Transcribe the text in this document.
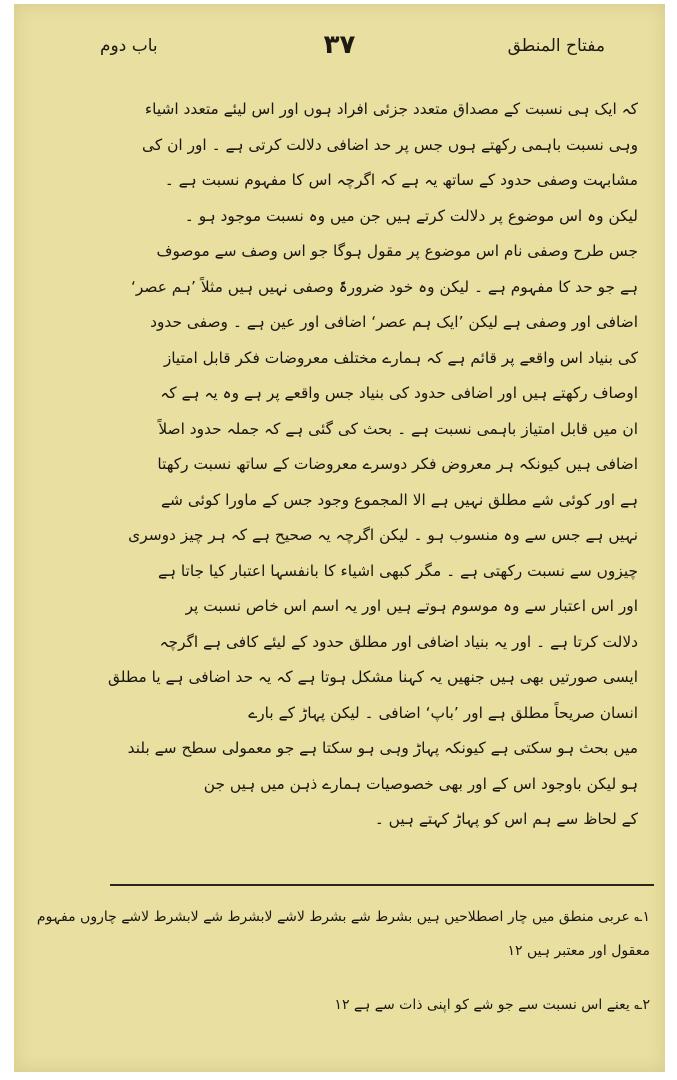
مفتاح المنطق
۳۷
باب دوم
کہ ایک ہی نسبت کے مصداق متعدد جزئی افراد ہوں اور اس لیئے متعدد اشیاء
وہی نسبت باہمی رکھتے ہوں جس پر حد اضافی دلالت کرتی ہے ۔ اور ان کی
مشابہت وصفی حدود کے ساتھ یہ ہے کہ اگرچہ اس کا مفہوم نسبت ہے ۔
لیکن وہ اس موضوع پر دلالت کرتے ہیں جن میں وہ نسبت موجود ہو ۔
جس طرح وصفی نام اس موضوع پر مقول ہوگا جو اس وصف سے موصوف
ہے جو حد کا مفہوم ہے ۔ لیکن وہ خود ضرورۃً وصفی نہیں ہیں مثلاً ’ہم عصر‘
اضافی اور وصفی ہے لیکن ’ایک ہم عصر‘ اضافی اور عین ہے ۔ وصفی حدود
کی بنیاد اس واقعے پر قائم ہے کہ ہمارے مختلف معروضات فکر قابل امتیاز
اوصاف رکھتے ہیں اور اضافی حدود کی بنیاد جس واقعے پر ہے وہ یہ ہے کہ
ان میں قابل امتیاز باہمی نسبت ہے ۔ بحث کی گئی ہے کہ جملہ حدود اصلاً
اضافی ہیں کیونکہ ہر معروض فکر دوسرے معروضات کے ساتھ نسبت رکھتا
ہے اور کوئی شے مطلق نہیں ہے الا المجموع وجود جس کے ماورا کوئی شے
نہیں ہے جس سے وہ منسوب ہو ۔ لیکن اگرچہ یہ صحیح ہے کہ ہر چیز دوسری
چیزوں سے نسبت رکھتی ہے ۔ مگر کبھی اشیاء کا بانفسہا اعتبار کیا جاتا ہے
اور اس اعتبار سے وہ موسوم ہوتے ہیں اور یہ اسم اس خاص نسبت پر
دلالت کرتا ہے ۔ اور یہ بنیاد اضافی اور مطلق حدود کے لیئے کافی ہے اگرچہ
ایسی صورتیں بھی ہیں جنھیں یہ کہنا مشکل ہوتا ہے کہ یہ حد اضافی ہے یا مطلق
انسان صریحاً مطلق ہے اور ’باپ‘ اضافی ۔ لیکن پہاڑ کے بارے
میں بحث ہو سکتی ہے کیونکہ پہاڑ وہی ہو سکتا ہے جو معمولی سطح سے بلند
ہو لیکن باوجود اس کے اور بھی خصوصیات ہمارے ذہن میں ہیں جن
کے لحاظ سے ہم اس کو پہاڑ کہتے ہیں ۔
۱؎ عربی منطق میں چار اصطلاحیں ہیں بشرط شے بشرط لاشے لابشرط شے لابشرط لاشے چاروں مفہوم
معقول اور معتبر ہیں ۱۲
۲؎ یعنے اس نسبت سے جو شے کو اپنی ذات سے ہے ۱۲
